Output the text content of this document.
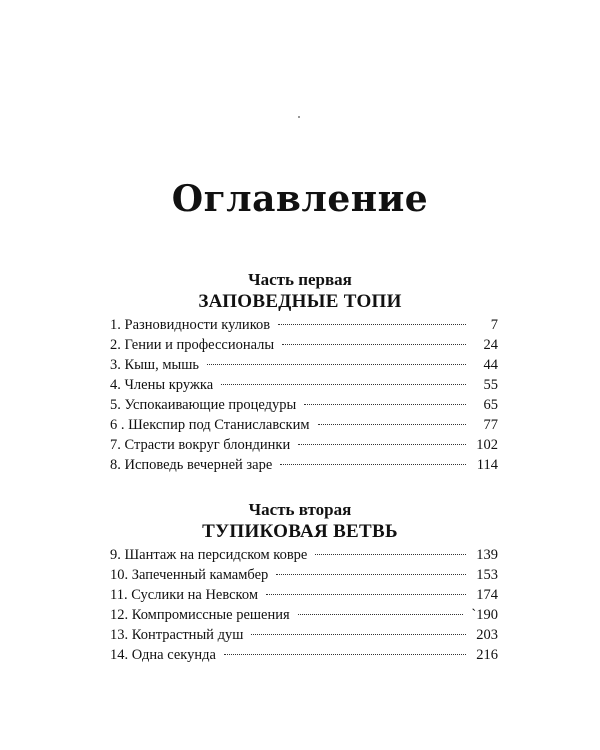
Оглавление
Часть первая
ЗАПОВЕДНЫЕ ТОПИ
1. Разновидности куликов	7
2. Гении и профессионалы	24
3. Кыш, мышь	44
4. Члены кружка	55
5. Успокаивающие процедуры	65
6 . Шекспир под Станиславским	77
7. Страсти вокруг блондинки	102
8. Исповедь вечерней заре	114
Часть вторая
ТУПИКОВАЯ ВЕТВЬ
9. Шантаж на персидском ковре	139
10. Запеченный камамбер	153
11. Суслики на Невском	174
12. Компромиссные решения	`190
13. Контрастный душ	203
14. Одна секунда	216
